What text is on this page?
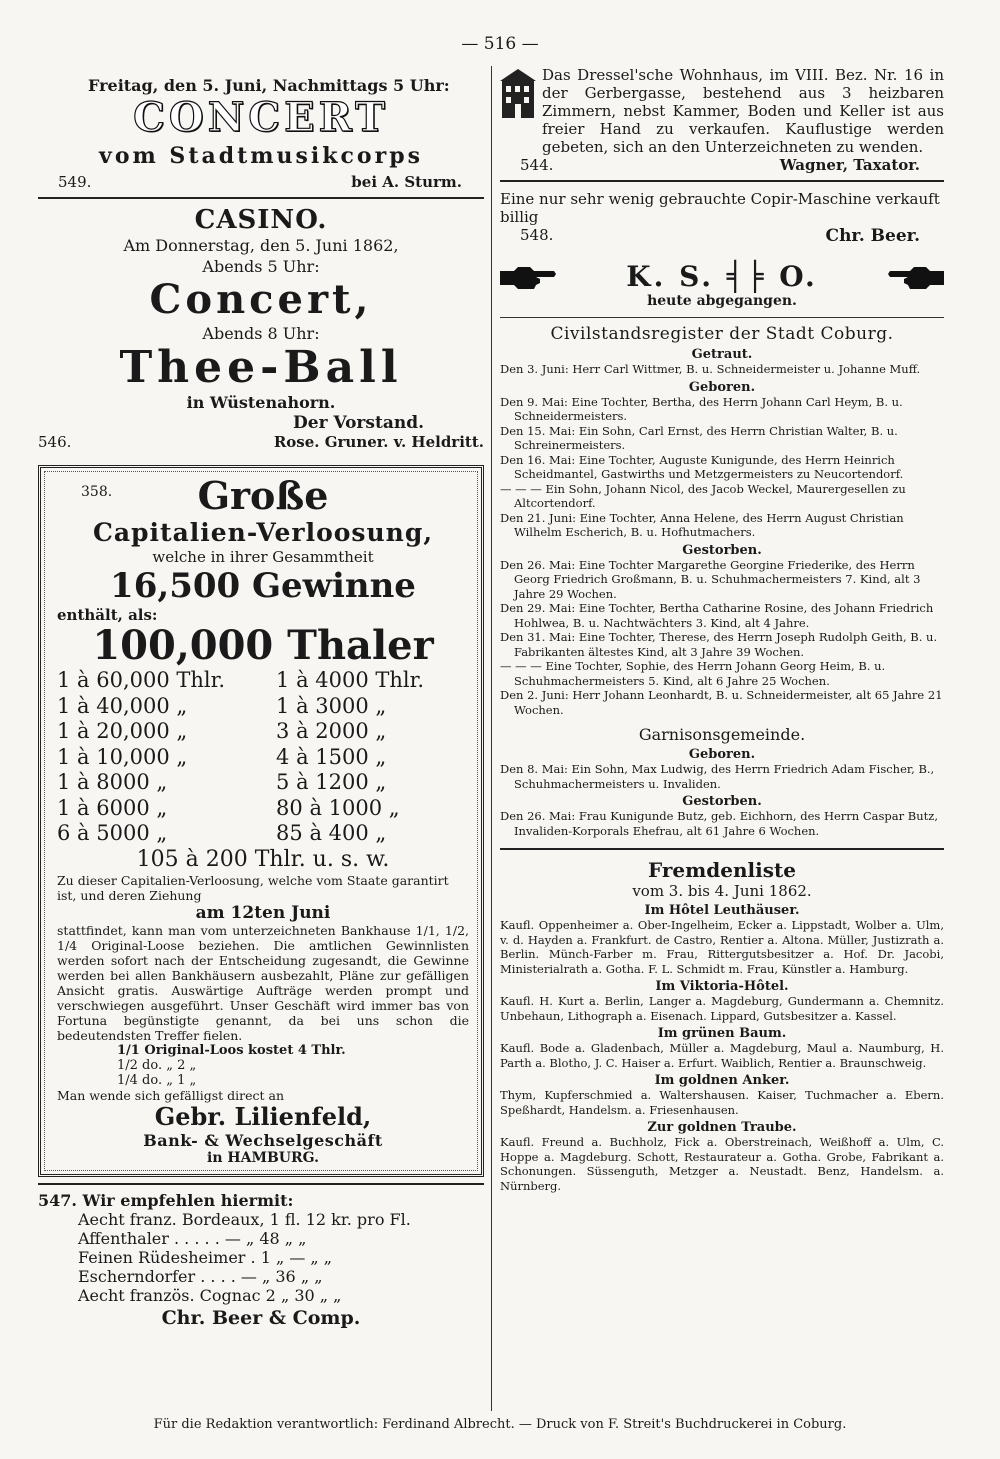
— 516 —

Freitag, den 5. Juni, Nachmittags 5 Uhr:

CONCERT

vom Stadtmusikcorps

549.	bei A. Sturm.

CASINO.

Am Donnerstag, den 5. Juni 1862,

Abends 5 Uhr:

Concert,

Abends 8 Uhr:

Thee-Ball

in Wüstenahorn.

Der Vorstand.

546.	Rose. Gruner. v. Heldritt.
358.	Große

Capitalien-Verloosung,

welche in ihrer Gesammtheit

16,500 Gewinne

enthält, als:

100,000 Thaler

1 à 60,000 Thlr.	1 à 4000 Thlr.
1 à 40,000 „	1 à 3000 „
1 à 20,000 „	3 à 2000 „
1 à 10,000 „	4 à 1500 „
1 à 8000 „	5 à 1200 „
1 à 6000 „	80 à 1000 „
6 à 5000 „	85 à 400 „

105 à 200 Thlr. u. s. w.

Zu dieser Capitalien-Verloosung, welche vom Staate garantirt ist, und deren Ziehung

am 12ten Juni

stattfindet, kann man vom unterzeichneten Bankhause 1/1, 1/2, 1/4 Original-Loose beziehen. Die amtlichen Gewinnlisten werden sofort nach der Entscheidung zugesandt, die Gewinne werden bei allen Bankhäusern ausbezahlt, Pläne zur gefälligen Ansicht gratis. Auswärtige Aufträge werden prompt und verschwiegen ausgeführt. Unser Geschäft wird immer bas von Fortuna begünstigte genannt, da bei uns schon die bedeutendsten Treffer fielen.

1/1 Original-Loos kostet 4 Thlr.

1/2 do. „ 2 „

1/4 do. „ 1 „

Man wende sich gefälligst direct an

Gebr. Lilienfeld,

Bank- & Wechselgeschäft

in HAMBURG.

547. Wir empfehlen hiermit:

Aecht franz. Bordeaux, 1 fl. 12 kr. pro Fl.
Affenthaler . . . . . — „ 48 „ „
Feinen Rüdesheimer . 1 „ — „ „
Escherndorfer . . . . — „ 36 „ „
Aecht französ. Cognac 2 „ 30 „ „

Chr. Beer & Comp.

Das Dressel'sche Wohnhaus, im VIII. Bez. Nr. 16 in der Gerbergasse, bestehend aus 3 heizbaren Zimmern, nebst Kammer, Boden und Keller ist aus freier Hand zu verkaufen. Kauflustige werden gebeten, sich an den Unterzeichneten zu wenden.

544.	Wagner, Taxator.

Eine nur sehr wenig gebrauchte Copir-Maschine verkauft billig

548.	Chr. Beer.
K. S. ╡╞ O.

heute abgegangen.

Civilstandsregister der Stadt Coburg.

Getraut.

Den 3. Juni: Herr Carl Wittmer, B. u. Schneidermeister u. Johanne Muff.

Geboren.

Den 9. Mai: Eine Tochter, Bertha, des Herrn Johann Carl Heym, B. u. Schneidermeisters.

Den 15. Mai: Ein Sohn, Carl Ernst, des Herrn Christian Walter, B. u. Schreinermeisters.

Den 16. Mai: Eine Tochter, Auguste Kunigunde, des Herrn Heinrich Scheidmantel, Gastwirths und Metzgermeisters zu Neucortendorf.

— — — Ein Sohn, Johann Nicol, des Jacob Weckel, Maurergesellen zu Altcortendorf.

Den 21. Juni: Eine Tochter, Anna Helene, des Herrn August Christian Wilhelm Escherich, B. u. Hofhutmachers.

Gestorben.

Den 26. Mai: Eine Tochter Margarethe Georgine Friederike, des Herrn Georg Friedrich Großmann, B. u. Schuhmachermeisters 7. Kind, alt 3 Jahre 29 Wochen.

Den 29. Mai: Eine Tochter, Bertha Catharine Rosine, des Johann Friedrich Hohlwea, B. u. Nachtwächters 3. Kind, alt 4 Jahre.

Den 31. Mai: Eine Tochter, Therese, des Herrn Joseph Rudolph Geith, B. u. Fabrikanten ältestes Kind, alt 3 Jahre 39 Wochen.

— — — Eine Tochter, Sophie, des Herrn Johann Georg Heim, B. u. Schuhmachermeisters 5. Kind, alt 6 Jahre 25 Wochen.

Den 2. Juni: Herr Johann Leonhardt, B. u. Schneidermeister, alt 65 Jahre 21 Wochen.

Garnisonsgemeinde.

Geboren.

Den 8. Mai: Ein Sohn, Max Ludwig, des Herrn Friedrich Adam Fischer, B., Schuhmachermeisters u. Invaliden.

Gestorben.

Den 26. Mai: Frau Kunigunde Butz, geb. Eichhorn, des Herrn Caspar Butz, Invaliden-Korporals Ehefrau, alt 61 Jahre 6 Wochen.

Fremdenliste

vom 3. bis 4. Juni 1862.

Im Hôtel Leuthäuser.

Kaufl. Oppenheimer a. Ober-Ingelheim, Ecker a. Lippstadt, Wolber a. Ulm, v. d. Hayden a. Frankfurt. de Castro, Rentier a. Altona. Müller, Justizrath a. Berlin. Münch-Farber m. Frau, Rittergutsbesitzer a. Hof. Dr. Jacobi, Ministerialrath a. Gotha. F. L. Schmidt m. Frau, Künstler a. Hamburg.

Im Viktoria-Hôtel.

Kaufl. H. Kurt a. Berlin, Langer a. Magdeburg, Gundermann a. Chemnitz. Unbehaun, Lithograph a. Eisenach. Lippard, Gutsbesitzer a. Kassel.

Im grünen Baum.

Kaufl. Bode a. Gladenbach, Müller a. Magdeburg, Maul a. Naumburg, H. Parth a. Blotho, J. C. Haiser a. Erfurt. Waiblich, Rentier a. Braunschweig.

Im goldnen Anker.

Thym, Kupferschmied a. Waltershausen. Kaiser, Tuchmacher a. Ebern. Speßhardt, Handelsm. a. Friesenhausen.

Zur goldnen Traube.

Kaufl. Freund a. Buchholz, Fick a. Oberstreinach, Weißhoff a. Ulm, C. Hoppe a. Magdeburg. Schott, Restaurateur a. Gotha. Grobe, Fabrikant a. Schonungen. Süssenguth, Metzger a. Neustadt. Benz, Handelsm. a. Nürnberg.

Für die Redaktion verantwortlich: Ferdinand Albrecht. — Druck von F. Streit's Buchdruckerei in Coburg.
